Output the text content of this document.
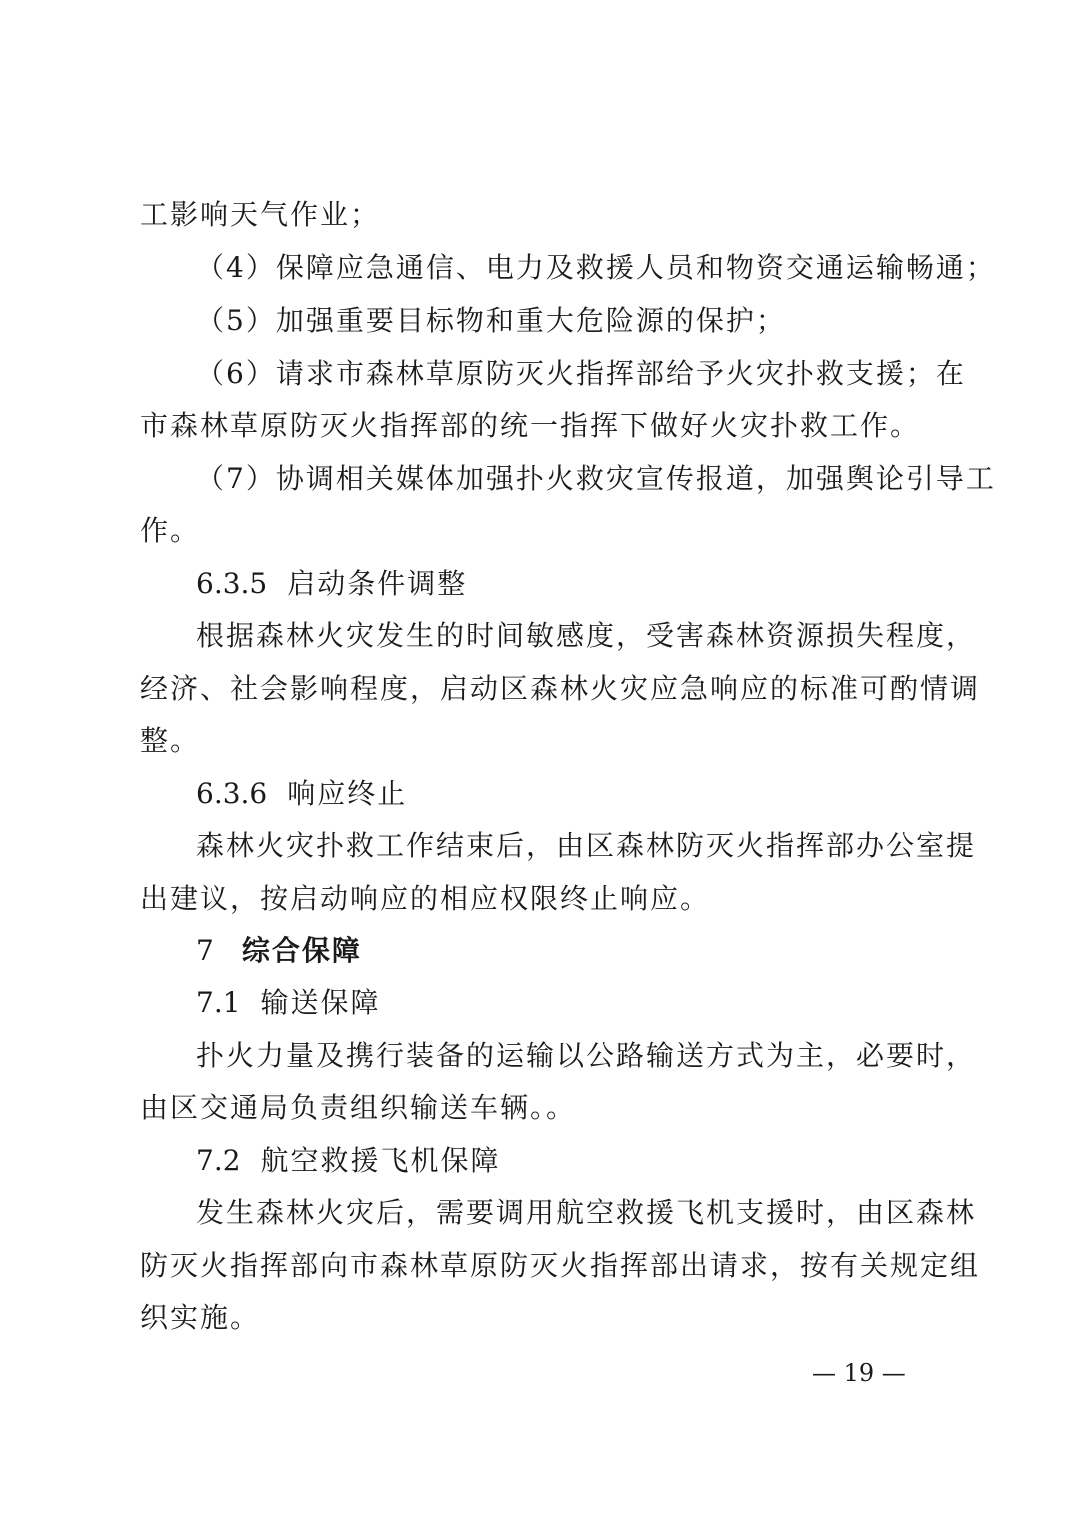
工影响天气作业；
（4）保障应急通信、电力及救援人员和物资交通运输畅通；
（5）加强重要目标物和重大危险源的保护；
（6）请求市森林草原防灭火指挥部给予火灾扑救支援；在
市森林草原防灭火指挥部的统一指挥下做好火灾扑救工作。
（7）协调相关媒体加强扑火救灾宣传报道，加强舆论引导工
作。
6.3.5 启动条件调整
根据森林火灾发生的时间敏感度，受害森林资源损失程度，
经济、社会影响程度，启动区森林火灾应急响应的标准可酌情调
整。
6.3.6 响应终止
森林火灾扑救工作结束后，由区森林防灭火指挥部办公室提
出建议，按启动响应的相应权限终止响应。
7 综合保障
7.1 输送保障
扑火力量及携行装备的运输以公路输送方式为主，必要时，
由区交通局负责组织输送车辆。。
7.2 航空救援飞机保障
发生森林火灾后，需要调用航空救援飞机支援时，由区森林
防灭火指挥部向市森林草原防灭火指挥部出请求，按有关规定组
织实施。
— 19 —
